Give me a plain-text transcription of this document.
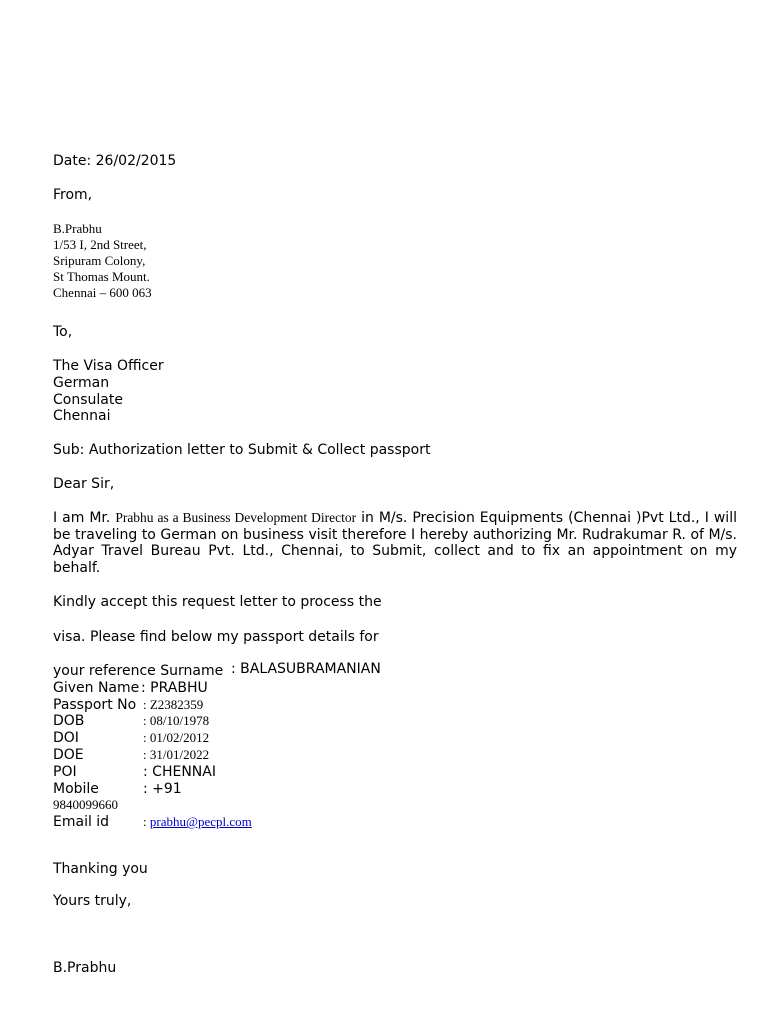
Date: 26/02/2015
From,
B.Prabhu
1/53 I, 2nd Street,
Sripuram Colony,
St Thomas Mount.
Chennai – 600 063
To,
The Visa Officer
German
Consulate
Chennai
Sub: Authorization letter to Submit & Collect passport
Dear Sir,
I am Mr. Prabhu as a Business Development Director in M/s. Precision Equipments (Chennai )Pvt Ltd., I will be traveling to German on business visit therefore I hereby authorizing Mr. Rudrakumar R. of M/s. Adyar Travel Bureau Pvt. Ltd., Chennai, to Submit, collect and to fix an appointment on my behalf.
Kindly accept this request letter to process the
visa. Please find below my passport details for
your reference Surname : BALASUBRAMANIAN
Given Name : PRABHU
Passport No : Z2382359
DOB	: 08/10/1978
DOI	: 01/02/2012
DOE	: 31/01/2022
POI	: CHENNAI
Mobile	: +91
9840099660
Email id	: prabhu@pecpl.com
Thanking you
Yours truly,
B.Prabhu
